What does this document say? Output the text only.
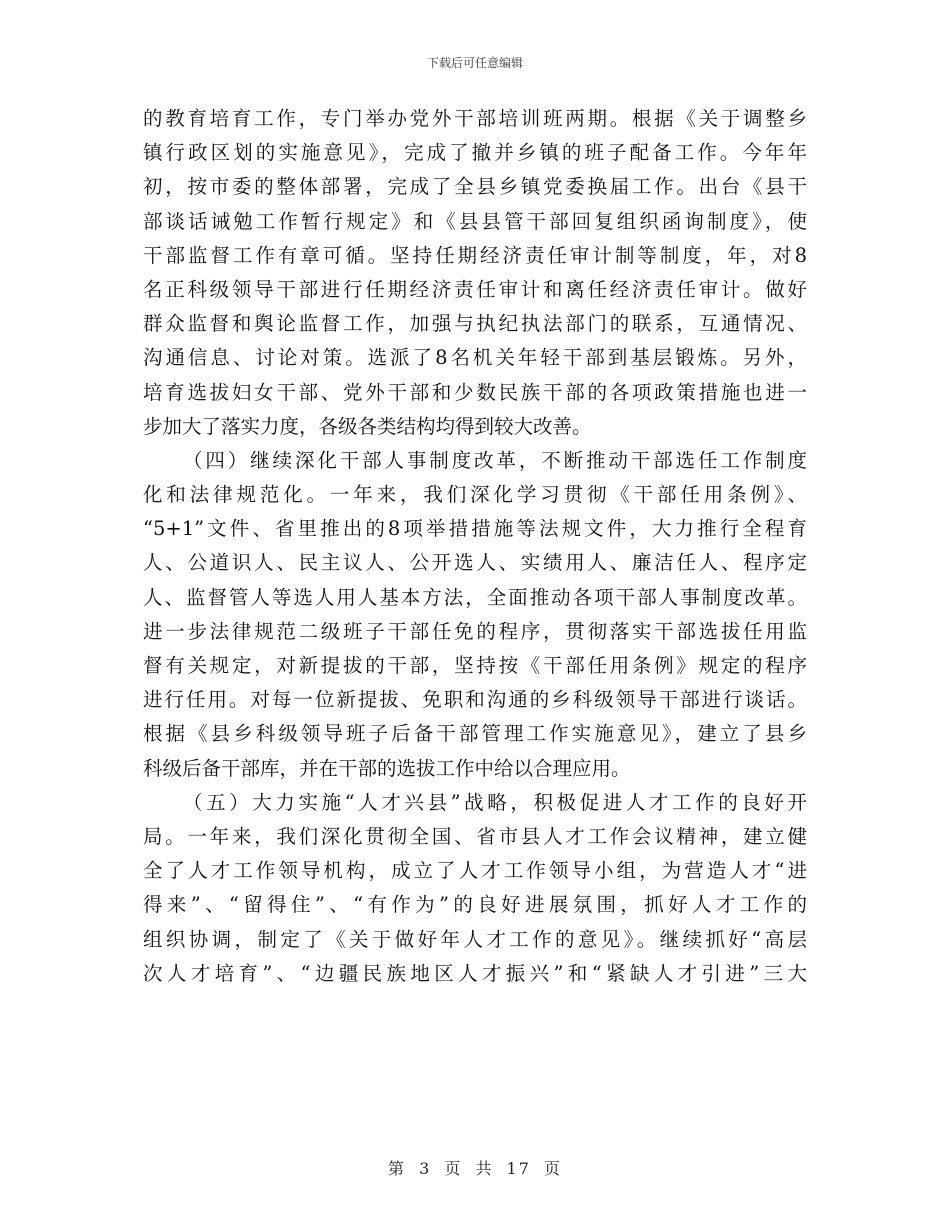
下载后可任意编辑
的教育培育工作，专门举办党外干部培训班两期。根据《关于调整乡
镇行政区划的实施意见》，完成了撤并乡镇的班子配备工作。今年年
初，按市委的整体部署，完成了全县乡镇党委换届工作。出台《县干
部谈话诫勉工作暂行规定》和《县县管干部回复组织函询制度》，使
干部监督工作有章可循。坚持任期经济责任审计制等制度，年，对8
名正科级领导干部进行任期经济责任审计和离任经济责任审计。做好
群众监督和舆论监督工作，加强与执纪执法部门的联系，互通情况、
沟通信息、讨论对策。选派了8名机关年轻干部到基层锻炼。另外，
培育选拔妇女干部、党外干部和少数民族干部的各项政策措施也进一
步加大了落实力度，各级各类结构均得到较大改善。
（四）继续深化干部人事制度改革，不断推动干部选任工作制度
化和法律规范化。一年来，我们深化学习贯彻《干部任用条例》、
“5+1”文件、省里推出的8项举措措施等法规文件，大力推行全程育
人、公道识人、民主议人、公开选人、实绩用人、廉洁任人、程序定
人、监督管人等选人用人基本方法，全面推动各项干部人事制度改革。
进一步法律规范二级班子干部任免的程序，贯彻落实干部选拔任用监
督有关规定，对新提拔的干部，坚持按《干部任用条例》规定的程序
进行任用。对每一位新提拔、免职和沟通的乡科级领导干部进行谈话。
根据《县乡科级领导班子后备干部管理工作实施意见》，建立了县乡
科级后备干部库，并在干部的选拔工作中给以合理应用。
（五）大力实施“人才兴县”战略，积极促进人才工作的良好开
局。一年来，我们深化贯彻全国、省市县人才工作会议精神，建立健
全了人才工作领导机构，成立了人才工作领导小组，为营造人才“进
得来”、“留得住”、“有作为”的良好进展氛围，抓好人才工作的
组织协调，制定了《关于做好年人才工作的意见》。继续抓好“高层
次人才培育”、“边疆民族地区人才振兴”和“紧缺人才引进”三大
第 3 页 共 17 页
